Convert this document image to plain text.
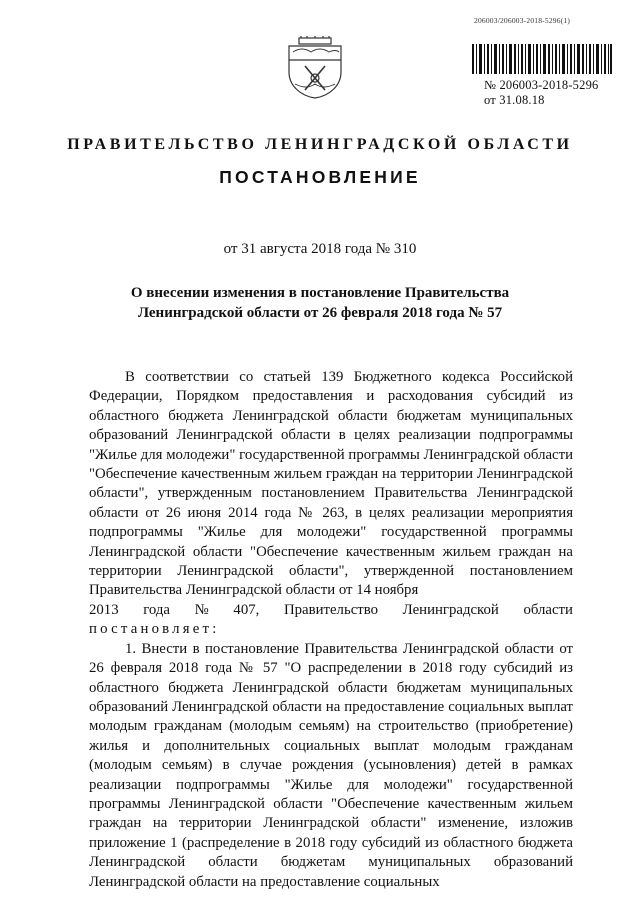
206003/206003-2018-5296(1)
№ 206003-2018-5296
от 31.08.18
ПРАВИТЕЛЬСТВО ЛЕНИНГРАДСКОЙ ОБЛАСТИ
ПОСТАНОВЛЕНИЕ
от 31 августа 2018 года № 310
О внесении изменения в постановление Правительства
Ленинградской области от 26 февраля 2018 года № 57

В соответствии со статьей 139 Бюджетного кодекса Российской Федерации, Порядком предоставления и расходования субсидий из областного бюджета Ленинградской области бюджетам муниципальных образований Ленинградской области в целях реализации подпрограммы "Жилье для молодежи" государственной программы Ленинградской области "Обеспечение качественным жильем граждан на территории Ленинградской области", утвержденным постановлением Правительства Ленинградской области от 26 июня 2014 года № 263, в целях реализации мероприятия подпрограммы "Жилье для молодежи" государственной программы Ленинградской области "Обеспечение качественным жильем граждан на территории Ленинградской области", утвержденной постановлением Правительства Ленинградской области от 14 ноября

2013 года № 407, Правительство Ленинградской области
постановляет:

1. Внести в постановление Правительства Ленинградской области от 26 февраля 2018 года № 57 "О распределении в 2018 году субсидий из областного бюджета Ленинградской области бюджетам муниципальных образований Ленинградской области на предоставление социальных выплат молодым гражданам (молодым семьям) на строительство (приобретение) жилья и дополнительных социальных выплат молодым гражданам (молодым семьям) в случае рождения (усыновления) детей в рамках реализации подпрограммы "Жилье для молодежи" государственной программы Ленинградской области "Обеспечение качественным жильем граждан на территории Ленинградской области" изменение, изложив приложение 1 (распределение в 2018 году субсидий из областного бюджета Ленинградской области бюджетам муниципальных образований Ленинградской области на предоставление социальных
